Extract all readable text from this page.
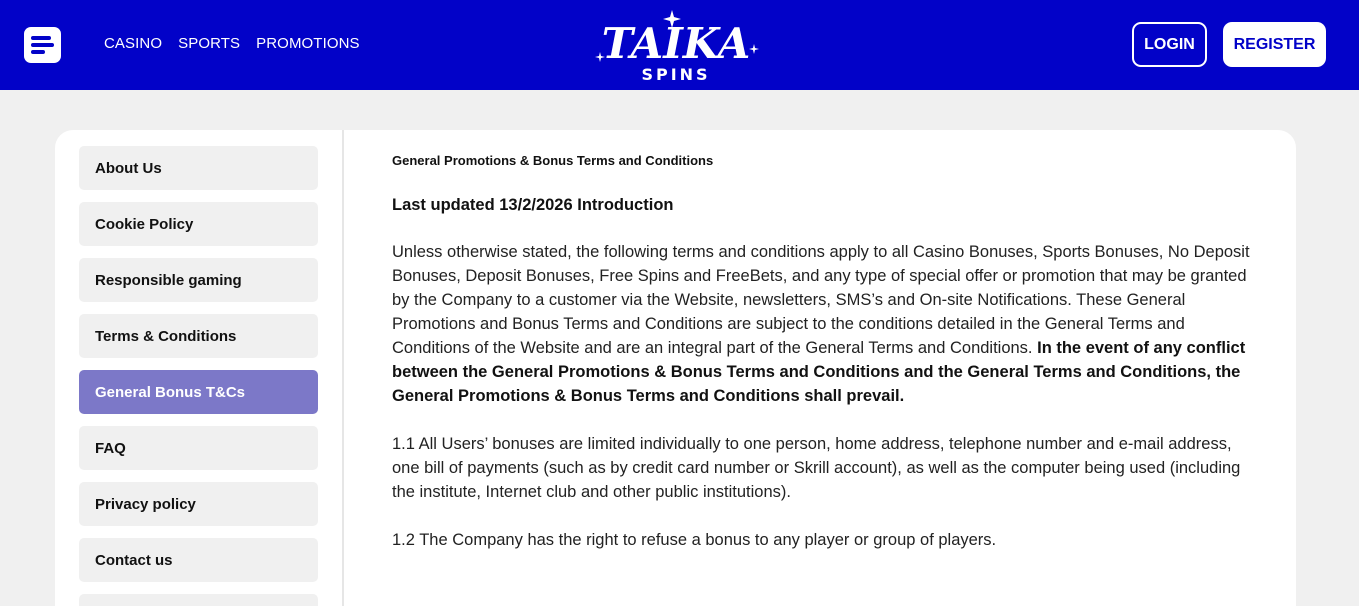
CASINO SPORTS PROMOTIONS	TAIKA
SPINS
LOGIN	REGISTER
About Us
Cookie Policy
Responsible gaming
Terms & Conditions
General Bonus T&Cs
FAQ
Privacy policy
Contact us
General Promotions & Bonus Terms and Conditions
Last updated 13/2/2026 Introduction

Unless otherwise stated, the following terms and conditions apply to all Casino Bonuses, Sports Bonuses, No Deposit Bonuses, Deposit Bonuses, Free Spins and FreeBets, and any type of special offer or promotion that may be granted by the Company to a customer via the Website, newsletters, SMS’s and On-site Notifications. These General Promotions and Bonus Terms and Conditions are subject to the conditions detailed in the General Terms and Conditions of the Website and are an integral part of the General Terms and Conditions. In the event of any conflict between the General Promotions & Bonus Terms and Conditions and the General Terms and Conditions, the General Promotions & Bonus Terms and Conditions shall prevail.

1.1 All Users’ bonuses are limited individually to one person, home address, telephone number and e-mail address, one bill of payments (such as by credit card number or Skrill account), as well as the computer being used (including the institute, Internet club and other public institutions).

1.2 The Company has the right to refuse a bonus to any player or group of players.
